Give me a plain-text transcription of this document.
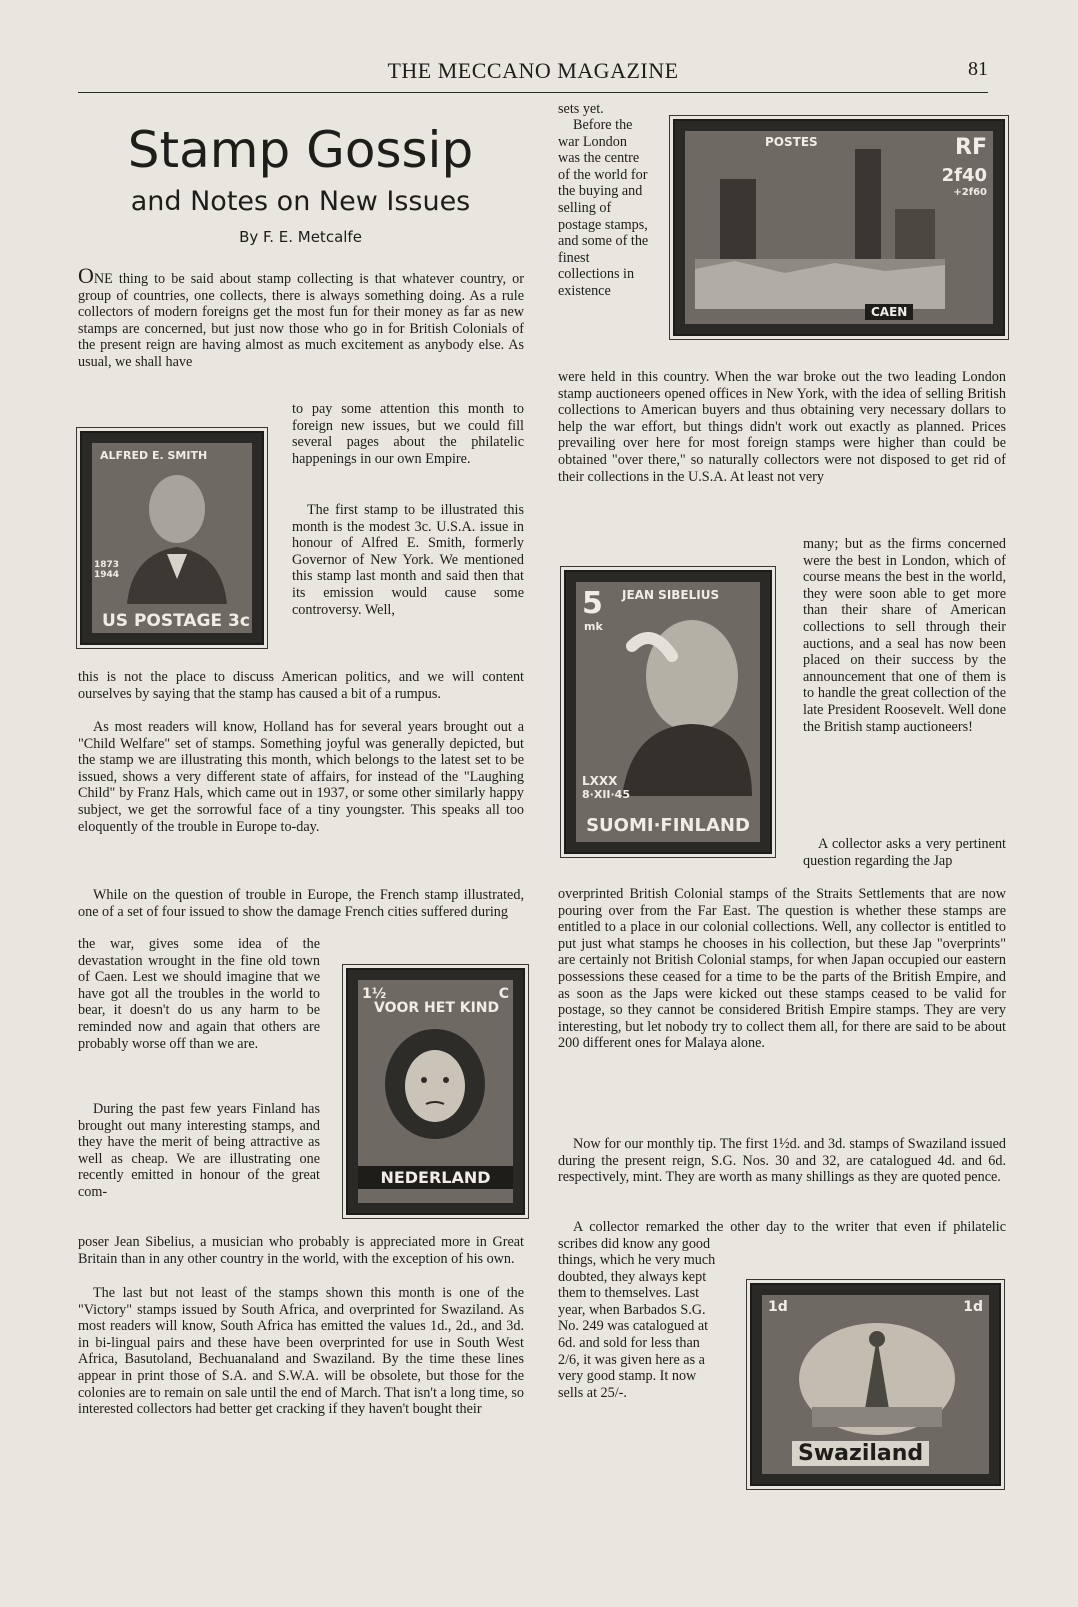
THE MECCANO MAGAZINE	81
Stamp Gossip
and Notes on New Issues
By F. E. Metcalfe
ONE thing to be said about stamp collecting is that whatever country, or group of countries, one collects, there is always something doing. As a rule collectors of modern foreigns get the most fun for their money as far as new stamps are concerned, but just now those who go in for British Colonials of the present reign are having almost as much excitement as anybody else. As usual, we shall have
ALFRED E. SMITH
1873 1944
US POSTAGE 3c
to pay some attention this month to foreign new issues, but we could fill several pages about the philatelic happenings in our own Empire.
The first stamp to be illustrated this month is the modest 3c. U.S.A. issue in honour of Alfred E. Smith, formerly Governor of New York. We mentioned this stamp last month and said then that its emission would cause some controversy. Well,
this is not the place to discuss American politics, and we will content ourselves by saying that the stamp has caused a bit of a rumpus.
As most readers will know, Holland has for several years brought out a "Child Welfare" set of stamps. Something joyful was generally depicted, but the stamp we are illustrating this month, which belongs to the latest set to be issued, shows a very different state of affairs, for instead of the "Laughing Child" by Franz Hals, which came out in 1937, or some other similarly happy subject, we get the sorrowful face of a tiny youngster. This speaks all too eloquently of the trouble in Europe to-day.
While on the question of trouble in Europe, the French stamp illustrated, one of a set of four issued to show the damage French cities suffered during
1½	C
VOOR HET KIND
NEDERLAND
the war, gives some idea of the devastation wrought in the fine old town of Caen. Lest we should imagine that we have got all the troubles in the world to bear, it doesn't do us any harm to be reminded now and again that others are probably worse off than we are.
During the past few years Finland has brought out many interesting stamps, and they have the merit of being attractive as well as cheap. We are illustrating one recently emitted in honour of the great com-
poser Jean Sibelius, a musician who probably is appreciated more in Great Britain than in any other country in the world, with the exception of his own.
The last but not least of the stamps shown this month is one of the "Victory" stamps issued by South Africa, and overprinted for Swaziland. As most readers will know, South Africa has emitted the values 1d., 2d., and 3d. in bi-lingual pairs and these have been overprinted for use in South West Africa, Basutoland, Bechuanaland and Swaziland. By the time these lines appear in print those of S.A. and S.W.A. will be obsolete, but those for the colonies are to remain on sale until the end of March. That isn't a long time, so interested collectors had better get cracking if they haven't bought their
sets yet.
Before the war London was the centre of the world for the buying and selling of postage stamps, and some of the finest collections in existence
POSTES	RF
2f40
+2f60
CAEN
were held in this country. When the war broke out the two leading London stamp auctioneers opened offices in New York, with the idea of selling British collections to American buyers and thus obtaining very necessary dollars to help the war effort, but things didn't work out exactly as planned. Prices prevailing over here for most foreign stamps were higher than could be obtained "over there," so naturally collectors were not disposed to get rid of their collections in the U.S.A. At least not very
5
mk
JEAN SIBELIUS
LXXX
8·XII·45
SUOMI·FINLAND
many; but as the firms concerned were the best in London, which of course means the best in the world, they were soon able to get more than their share of American collections to sell through their auctions, and a seal has now been placed on their success by the announcement that one of them is to handle the great collection of the late President Roosevelt. Well done the British stamp auctioneers!
A collector asks a very pertinent question regarding the Jap
overprinted British Colonial stamps of the Straits Settlements that are now pouring over from the Far East. The question is whether these stamps are entitled to a place in our colonial collections. Well, any collector is entitled to put just what stamps he chooses in his collection, but these Jap "overprints" are certainly not British Colonial stamps, for when Japan occupied our eastern possessions these ceased for a time to be the parts of the British Empire, and as soon as the Japs were kicked out these stamps ceased to be valid for postage, so they cannot be considered British Empire stamps. They are very interesting, but let nobody try to collect them all, for there are said to be about 200 different ones for Malaya alone.
Now for our monthly tip. The first 1½d. and 3d. stamps of Swaziland issued during the present reign, S.G. Nos. 30 and 32, are catalogued 4d. and 6d. respectively, mint. They are worth as many shillings as they are quoted pence.
A collector remarked the other day to the writer that even if philatelic scribes did know any good
things, which he very much doubted, they always kept them to themselves. Last year, when Barbados S.G. No. 249 was catalogued at 6d. and sold for less than 2/6, it was given here as a very good stamp. It now sells at 25/-.
1d	1d
Swaziland
